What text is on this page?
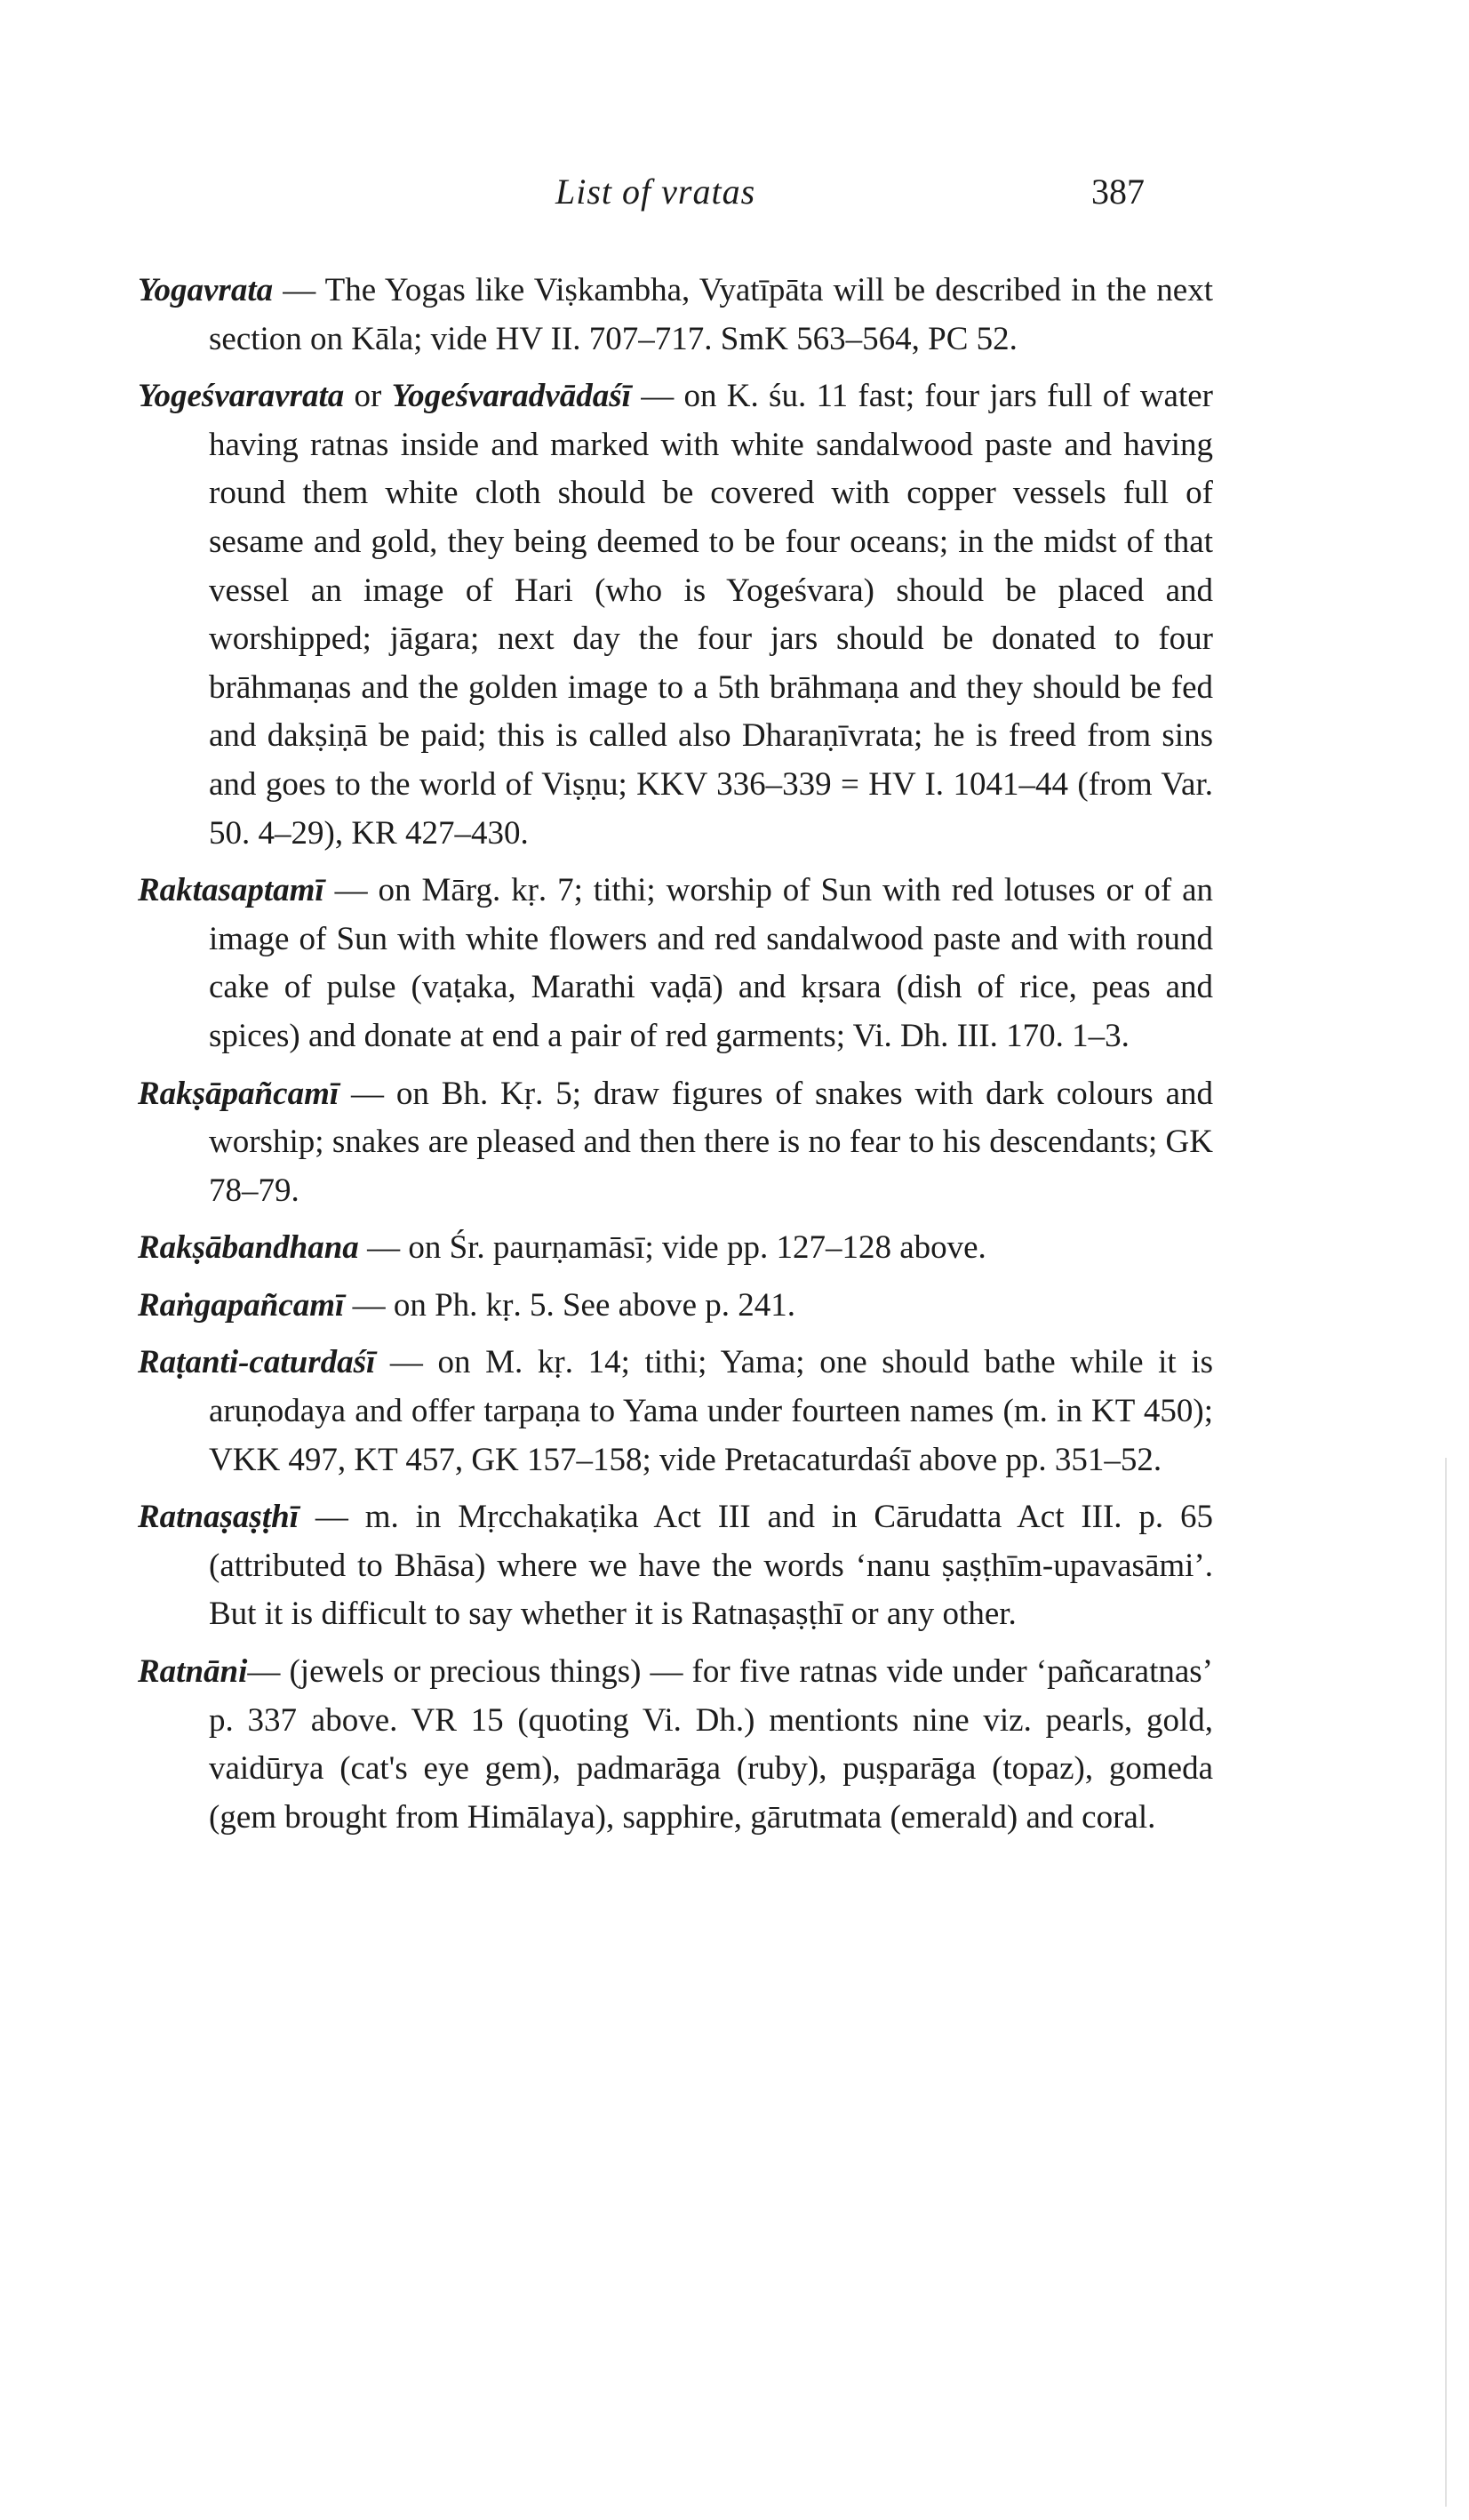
List of vratas	387

Yogavrata — The Yogas like Viṣkambha, Vyatīpāta will be described in the next section on Kāla; vide HV II. 707–717. SmK 563–564, PC 52.

Yogeśvaravrata or Yogeśvaradvādaśī — on K. śu. 11 fast; four jars full of water having ratnas inside and marked with white sandalwood paste and having round them white cloth should be covered with copper vessels full of sesame and gold, they being deemed to be four oceans; in the midst of that vessel an image of Hari (who is Yogeśvara) should be placed and worshipped; jāgara; next day the four jars should be donated to four brāhmaṇas and the golden image to a 5th brāhmaṇa and they should be fed and dakṣiṇā be paid; this is called also Dharaṇīvrata; he is freed from sins and goes to the world of Viṣṇu; KKV 336–339 = HV I. 1041–44 (from Var. 50. 4–29), KR 427–430.

Raktasaptamī — on Mārg. kṛ. 7; tithi; worship of Sun with red lotuses or of an image of Sun with white flowers and red sandalwood paste and with round cake of pulse (vaṭaka, Marathi vaḍā) and kṛsara (dish of rice, peas and spices) and donate at end a pair of red garments; Vi. Dh. III. 170. 1–3.

Rakṣāpañcamī — on Bh. Kṛ. 5; draw figures of snakes with dark colours and worship; snakes are pleased and then there is no fear to his descendants; GK 78–79.

Rakṣābandhana — on Śr. paurṇamāsī; vide pp. 127–128 above.

Raṅgapañcamī — on Ph. kṛ. 5. See above p. 241.

Raṭanti-caturdaśī — on M. kṛ. 14; tithi; Yama; one should bathe while it is aruṇodaya and offer tarpaṇa to Yama under fourteen names (m. in KT 450); VKK 497, KT 457, GK 157–158; vide Pretacaturdaśī above pp. 351–52.

Ratnaṣaṣṭhī — m. in Mṛcchakaṭika Act III and in Cārudatta Act III. p. 65 (attributed to Bhāsa) where we have the words ‘nanu ṣaṣṭhīm-upavasāmi’. But it is difficult to say whether it is Ratnaṣaṣṭhī or any other.

Ratnāni— (jewels or precious things) — for five ratnas vide under ‘pañcaratnas’ p. 337 above. VR 15 (quoting Vi. Dh.) mentionts nine viz. pearls, gold, vaidūrya (cat's eye gem), padmarāga (ruby), puṣparāga (topaz), gomeda (gem brought from Himālaya), sapphire, gārutmata (emerald) and coral.
